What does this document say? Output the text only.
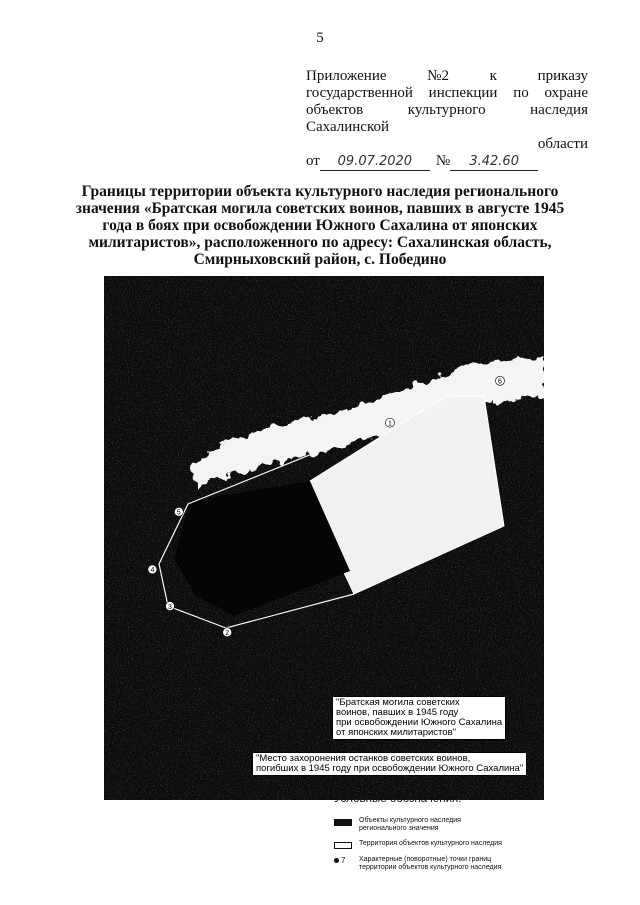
5
Приложение	№2	к	приказу
государственной инспекции по охране
объектов	культурного	наследия
Сахалинской
области
от	09.07.2020	№	3.42.60
Границы территории объекта культурного наследия регионального
значения «Братская могила советских воинов, павших в августе 1945
года в боях при освобождении Южного Сахалина от японских
милитаристов», расположенного по адресу: Сахалинская область,
Смирныховский район, с. Победино
1
2
3
4
5
6
"Братская могила советских
воинов, павших в 1945 году
при освобождении Южного Сахалина
от японских милитаристов"
"Место захоронения останков советских воинов,
погибших в 1945 году при освобождении Южного Сахалина"
Условные обозначения:
Объекты культурного наследия
регионального значения
Территория объектов культурного наследия
7 Характерные (поворотные) точки границ
территории объектов культурного наследия
